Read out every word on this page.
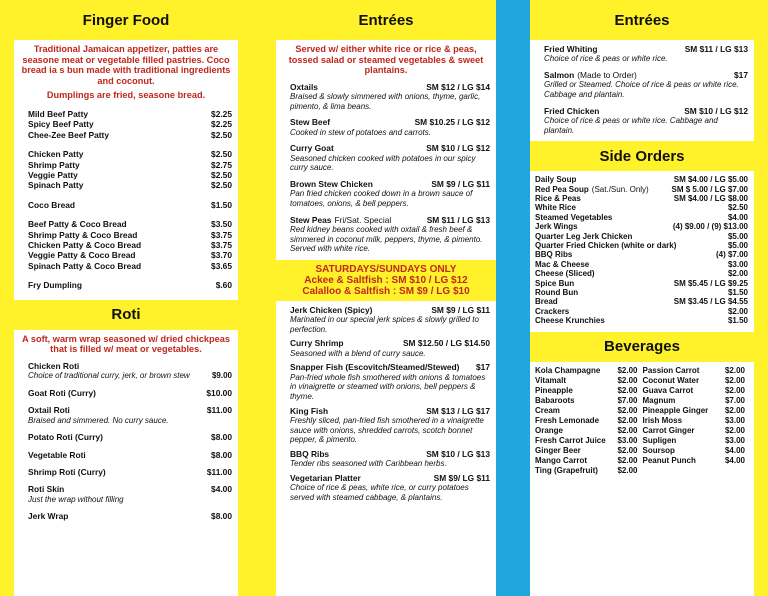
Finger Food
Traditional Jamaican appetizer, patties are seasone meat or vegetable filled pastries. Coco bread ia s bun made with traditional ingredients and coconut.
Dumplings are fried, seasone bread.
Mild Beef Patty	$2.25
Spicy Beef Patty	$2.25
Chee-Zee Beef Patty	$2.50
Chicken Patty	$2.50
Shrimp Patty	$2.75
Veggie Patty	$2.50
Spinach Patty	$2.50
Coco Bread	$1.50
Beef Patty & Coco Bread	$3.50
Shrimp Patty & Coco Bread	$3.75
Chicken Patty & Coco Bread	$3.75
Veggie Patty & Coco Bread	$3.70
Spinach Patty & Coco Bread	$3.65
Fry Dumpling	$.60
Roti
A soft, warm wrap seasoned w/ dried chickpeas that is filled w/ meat or vegetables.
Chicken Roti
Choice of traditional curry, jerk, or brown stew	$9.00
Goat Roti (Curry)	$10.00
Oxtail Roti	$11.00
Braised and simmered. No curry sauce.
Potato Roti (Curry)	$8.00
Vegetable Roti	$8.00
Shrimp Roti (Curry)	$11.00
Roti Skin	$4.00
Just the wrap without filling
Jerk Wrap	$8.00
Entrées
Served w/ either white rice or rice & peas, tossed salad or steamed vegetables & sweet plantains.
Oxtails	SM $12 / LG $14
Braised & slowly simmered with onions, thyme, garlic, pimento, & lima beans.
Stew Beef	SM $10.25 / LG $12
Cooked in stew of potatoes and carrots.
Curry Goat	SM $10 / LG $12
Seasoned chicken cooked with potatoes in our spicy curry sauce.
Brown Stew Chicken	SM $9 / LG $11
Pan fried chicken cooked down in a brown sauce of tomatoes, onions, & bell peppers.
Stew Peas Fri/Sat. Special	SM $11 / LG $13
Red kidney beans cooked with oxtail & fresh beef & simmered in coconut milk, peppers, thyme, & pimento. Served with white rice.
SATURDAYS/SUNDAYS ONLY
Ackee & Saltfish : SM $10 / LG $12
Calalloo & Saltfish : SM $9 / LG $10
Jerk Chicken (Spicy)	SM $9 / LG $11
Marinated in our special jerk spices & slowly grilled to perfection.
Curry Shrimp	SM $12.50 / LG $14.50
Seasoned with a blend of curry sauce.
Snapper Fish (Escovitch/Steamed/Stewed) $17
Pan-fried whole fish smothered with onions & tomatoes in vinaigrette or steamed with onions, bell peppers & thyme.
King Fish	SM $13 / LG $17
Freshly sliced, pan-fried fish smothered in a vinaigrette sauce with onions, shredded carrots, scotch bonnet pepper, & pimento.
BBQ Ribs	SM $10 / LG $13
Tender ribs seasoned with Caribbean herbs.
Vegetarian Platter	SM $9/ LG $11
Choice of rice & peas, white rice, or curry potatoes served with steamed cabbage, & plantains.
Entrées
Fried Whiting	SM $11 / LG $13
Choice of rice & peas or white rice.
Salmon (Made to Order)	$17
Grilled or Steamed. Choice of rice & peas or white rice. Cabbage and plantain.
Fried Chicken	SM $10 / LG $12
Choice of rice & peas or white rice. Cabbage and plantain.
Side Orders
Daily Soup	SM $4.00 / LG $5.00
Red Pea Soup (Sat./Sun. Only)	SM $ 5.00 / LG $7.00
Rice & Peas	SM $4.00 / LG $8.00
White Rice	$2.50
Steamed Vegetables	$4.00
Jerk Wings	(4) $9.00 / (9) $13.00
Quarter Leg Jerk Chicken	$5.00
Quarter Fried Chicken (white or dark)	$5.00
BBQ Ribs	(4) $7.00
Mac & Cheese	$3.00
Cheese (Sliced)	$2.00
Spice Bun	SM $5.45 / LG $9.25
Round Bun	$1.50
Bread	SM $3.45 / LG $4.55
Crackers	$2.00
Cheese Krunchies	$1.50
Beverages
Kola Champagne $2.00
Vitamalt	$2.00
Pineapple	$2.00
Babaroots	$7.00
Cream	$2.00
Fresh Lemonade $2.00
Orange	$2.00
Fresh Carrot Juice $3.00
Ginger Beer	$2.00
Mango Carrot	$2.00
Ting (Grapefruit) $2.00
Passion Carrot	$2.00
Coconut Water	$2.00
Guava Carrot	$2.00
Magnum	$7.00
Pineapple Ginger $2.00
Irish Moss	$3.00
Carrot Ginger	$2.00
Supligen	$3.00
Soursop	$4.00
Peanut Punch	$4.00
